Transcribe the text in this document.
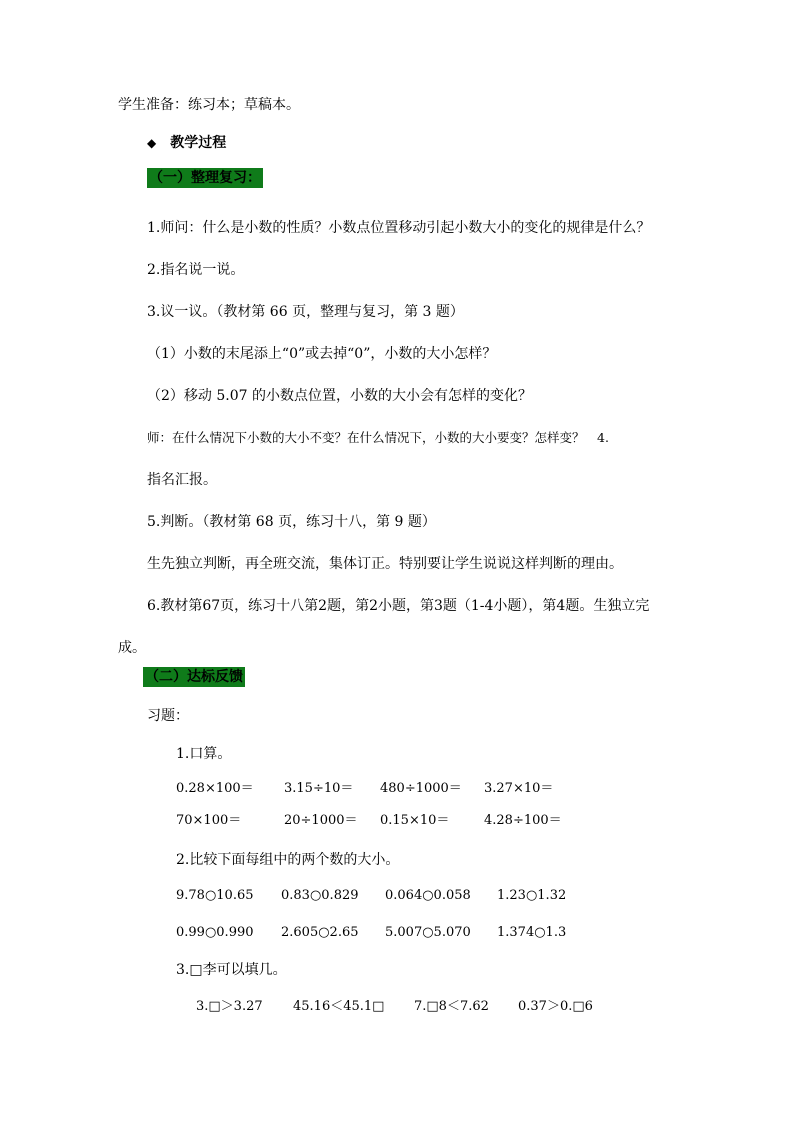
学生准备：练习本；草稿本。
◆ 教学过程
（一）整理复习：
1.师问：什么是小数的性质？小数点位置移动引起小数大小的变化的规律是什么？
2.指名说一说。
3.议一议。（教材第 66 页，整理与复习，第 3 题）
（1）小数的末尾添上“0”或去掉“0”，小数的大小怎样？
（2）移动 5.07 的小数点位置，小数的大小会有怎样的变化？
师：在什么情况下小数的大小不变？在什么情况下，小数的大小要变？怎样变？　4.
指名汇报。
5.判断。（教材第 68 页，练习十八，第 9 题）
生先独立判断，再全班交流，集体订正。特别要让学生说说这样判断的理由。
6.教材第67页，练习十八第2题，第2小题，第3题（1-4小题），第4题。生独立完
成。
（二）达标反馈
习题：
1.口算。
0.28×100＝ 3.15÷10＝ 480÷1000＝ 3.27×10＝
70×100＝	20÷1000＝ 0.15×10＝	4.28÷100＝
2.比较下面每组中的两个数的大小。
9.78○10.65 0.83○0.829 0.064○0.058 1.23○1.32
0.99○0.990 2.605○2.65 5.007○5.070 1.374○1.3
3.□李可以填几。
3.□＞3.27 45.16＜45.1□ 7.□8＜7.62 0.37＞0.□6
